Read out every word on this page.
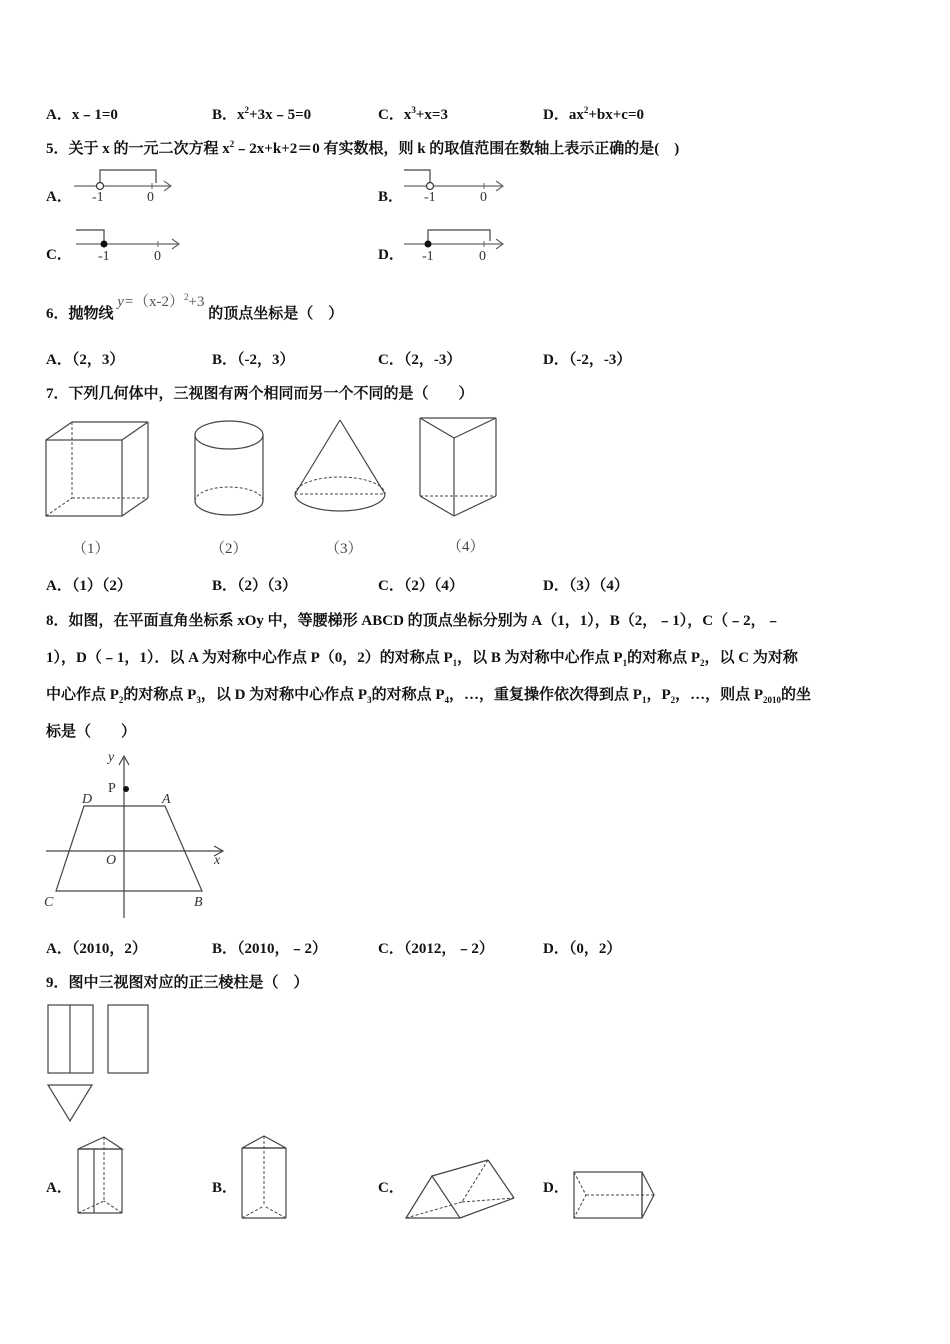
A．x﹣1=0	B．$x^2+3x﹣5=0$	C．$x^3+x=3$	D．$ax^2+bx+c=0$
5．关于 x 的一元二次方程 $x^2﹣2x+k+2=0$ 有实数根，则 k 的取值范围在数轴上表示正确的是(　)
A． -1	0	B． -1	0
C． -1	0	D． -1	0
6．抛物线 $y=(x-2)^2+3$ 的顶点坐标是（　）
A．（2，3）	B．（-2，3）	C．（2，-3）	D．（-2，-3）
7．下列几何体中，三视图有两个相同而另一个不同的是（　　）
（1）	（2）	（3）	（4）
A．（1）（2）	B．（2）（3）	C．（2）（4）	D．（3）（4）
8．如图，在平面直角坐标系 xOy 中，等腰梯形 ABCD 的顶点坐标分别为 A（1，1），B（2，﹣1），C（﹣2，﹣
1），D（﹣1，1）．以 A 为对称中心作点 P（0，2）的对称点 $P_1$，以 B 为对称中心作点 $P_1$的对称点 $P_2$，以 C 为对称
中心作点 $P_2$的对称点 $P_3$，以 D 为对称中心作点 $P_3$的对称点 $P_4$，…，重复操作依次得到点 $P_1$，$P_2$，…，则点 $P_{2010}$的坐
标是（　　）
y
x
O
P
A
D
C	B
A．（2010，2）	B．（2010，﹣2）	C．（2012，﹣2）	D．（0，2）
9．图中三视图对应的正三棱柱是（　）
A．	B．	C．	D．
